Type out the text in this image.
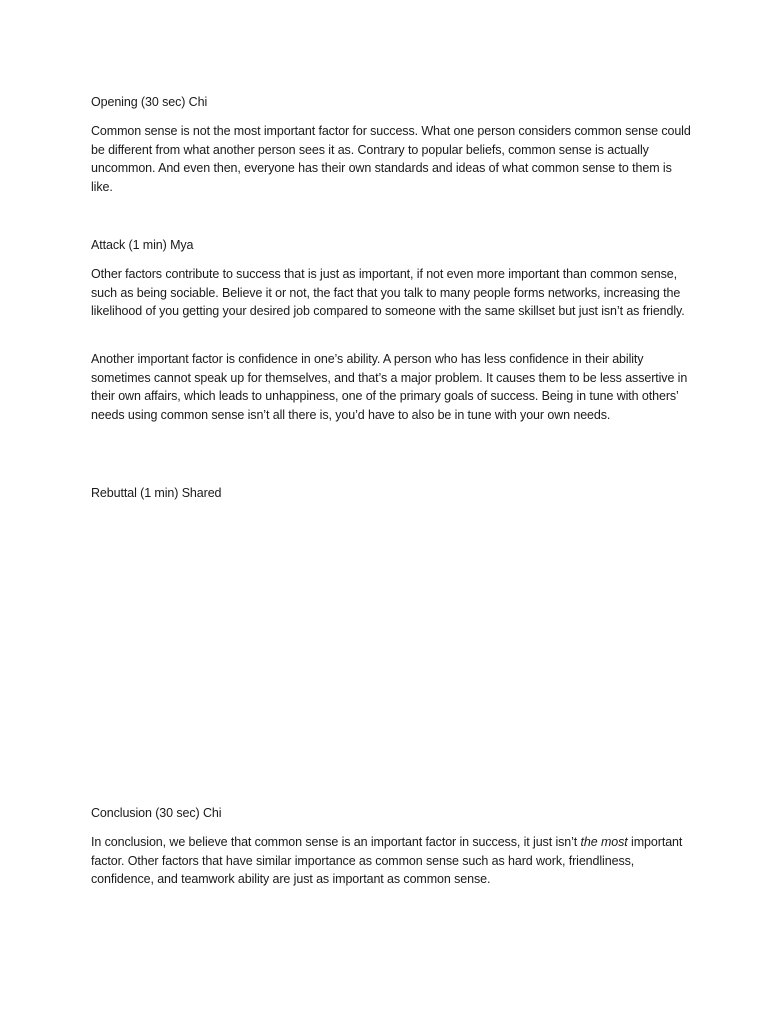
Opening (30 sec) Chi

Common sense is not the most important factor for success. What one person considers common sense could be different from what another person sees it as. Contrary to popular beliefs, common sense is actually uncommon. And even then, everyone has their own standards and ideas of what common sense to them is like.

Attack (1 min) Mya

Other factors contribute to success that is just as important, if not even more important than common sense, such as being sociable. Believe it or not, the fact that you talk to many people forms networks, increasing the likelihood of you getting your desired job compared to someone with the same skillset but just isn’t as friendly.

Another important factor is confidence in one’s ability. A person who has less confidence in their ability sometimes cannot speak up for themselves, and that’s a major problem. It causes them to be less assertive in their own affairs, which leads to unhappiness, one of the primary goals of success. Being in tune with others’ needs using common sense isn’t all there is, you’d have to also be in tune with your own needs.

Rebuttal (1 min) Shared

Conclusion (30 sec) Chi

In conclusion, we believe that common sense is an important factor in success, it just isn’t the most important factor. Other factors that have similar importance as common sense such as hard work, friendliness, confidence, and teamwork ability are just as important as common sense.
